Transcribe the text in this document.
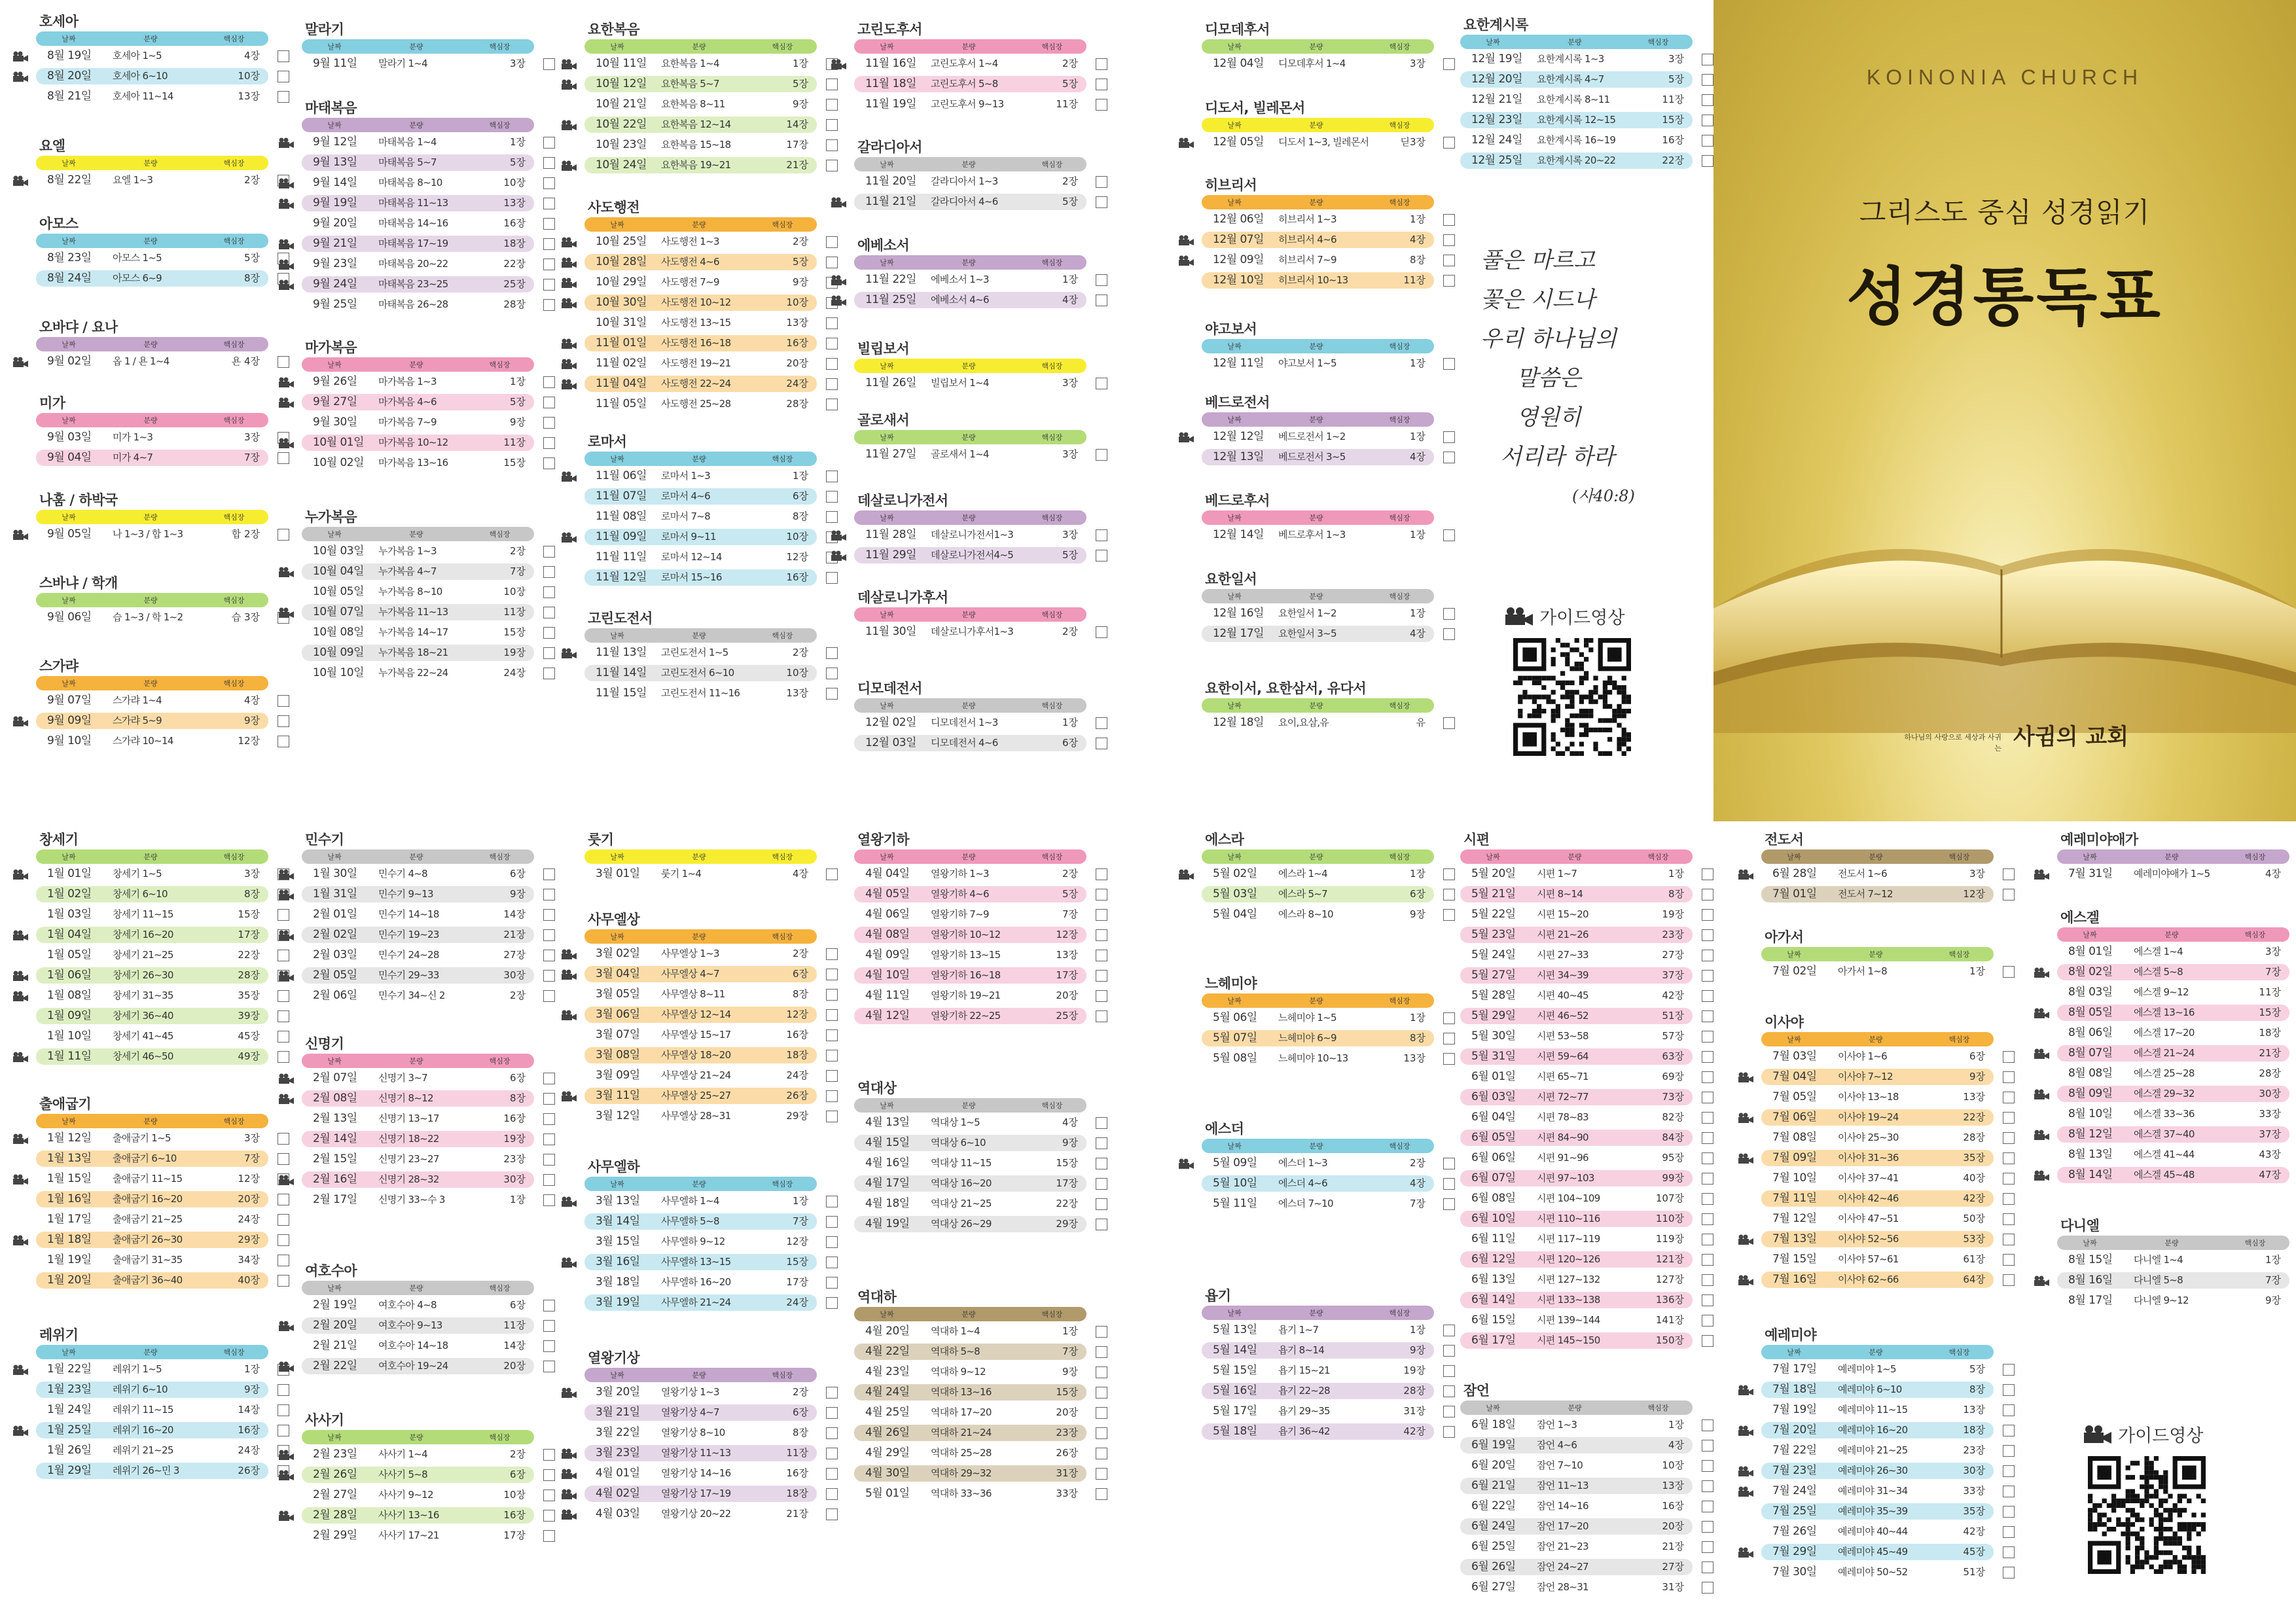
호세아
날짜	분량	핵심장
8월 19일	호세아 1~5	4장
8월 20일	호세아 6~10	10장
8월 21일	호세아 11~14	13장
요엘
날짜	분량	핵심장
8월 22일	요엘 1~3	2장
아모스
날짜	분량	핵심장
8월 23일	아모스 1~5	5장
8월 24일	아모스 6~9	8장
오바댜 / 요나
날짜	분량	핵심장
9월 02일	옵 1 / 욘 1~4	욘 4장
미가
날짜	분량	핵심장
9월 03일	미가 1~3	3장
9월 04일	미가 4~7	7장
나훔 / 하박국
날짜	분량	핵심장
9월 05일	나 1~3 / 합 1~3	합 2장
스바냐 / 학개
날짜	분량	핵심장
9월 06일	습 1~3 / 학 1~2	습 3장
스가랴
날짜	분량	핵심장
9월 07일	스가랴 1~4	4장
9월 09일	스가랴 5~9	9장
9월 10일	스가랴 10~14	12장
말라기
날짜	분량	핵심장
9월 11일	말라기 1~4	3장
마태복음
날짜	분량	핵심장
9월 12일	마태복음 1~4	1장
9월 13일	마태복음 5~7	5장
9월 14일	마태복음 8~10	10장
9월 19일	마태복음 11~13	13장
9월 20일	마태복음 14~16	16장
9월 21일	마태복음 17~19	18장
9월 23일	마태복음 20~22	22장
9월 24일	마태복음 23~25	25장
9월 25일	마태복음 26~28	28장
마가복음
날짜	분량	핵심장
9월 26일	마가복음 1~3	1장
9월 27일	마가복음 4~6	5장
9월 30일	마가복음 7~9	9장
10월 01일	마가복음 10~12	11장
10월 02일	마가복음 13~16	15장
누가복음
날짜	분량	핵심장
10월 03일	누가복음 1~3	2장
10월 04일	누가복음 4~7	7장
10월 05일	누가복음 8~10	10장
10월 07일	누가복음 11~13	11장
10월 08일	누가복음 14~17	15장
10월 09일	누가복음 18~21	19장
10월 10일	누가복음 22~24	24장
요한복음
날짜	분량	핵심장
10월 11일	요한복음 1~4	1장
10월 12일	요한복음 5~7	5장
10월 21일	요한복음 8~11	9장
10월 22일	요한복음 12~14	14장
10월 23일	요한복음 15~18	17장
10월 24일	요한복음 19~21	21장
사도행전
날짜	분량	핵심장
10월 25일	사도행전 1~3	2장
10월 28일	사도행전 4~6	5장
10월 29일	사도행전 7~9	9장
10월 30일	사도행전 10~12	10장
10월 31일	사도행전 13~15	13장
11월 01일	사도행전 16~18	16장
11월 02일	사도행전 19~21	20장
11월 04일	사도행전 22~24	24장
11월 05일	사도행전 25~28	28장
로마서
날짜	분량	핵심장
11월 06일	로마서 1~3	1장
11월 07일	로마서 4~6	6장
11월 08일	로마서 7~8	8장
11월 09일	로마서 9~11	10장
11월 11일	로마서 12~14	12장
11월 12일	로마서 15~16	16장
고린도전서
날짜	분량	핵심장
11월 13일	고린도전서 1~5	2장
11월 14일	고린도전서 6~10	10장
11월 15일	고린도전서 11~16	13장
고린도후서
날짜	분량	핵심장
11월 16일	고린도후서 1~4	2장
11월 18일	고린도후서 5~8	5장
11월 19일	고린도후서 9~13	11장
갈라디아서
날짜	분량	핵심장
11월 20일	갈라디아서 1~3	2장
11월 21일	갈라디아서 4~6	5장
에베소서
날짜	분량	핵심장
11월 22일	에베소서 1~3	1장
11월 25일	에베소서 4~6	4장
빌립보서
날짜	분량	핵심장
11월 26일	빌립보서 1~4	3장
골로새서
날짜	분량	핵심장
11월 27일	골로새서 1~4	3장
데살로니가전서
날짜	분량	핵심장
11월 28일	데살로니가전서1~3	3장
11월 29일	데살로니가전서4~5	5장
데살로니가후서
날짜	분량	핵심장
11월 30일	데살로니가후서1~3	2장
디모데전서
날짜	분량	핵심장
12월 02일	디모데전서 1~3	1장
12월 03일	디모데전서 4~6	6장
디모데후서
날짜	분량	핵심장
12월 04일	디모데후서 1~4	3장
디도서, 빌레몬서
날짜	분량	핵심장
12월 05일	디도서 1~3, 빌레몬서	딛3장
히브리서
날짜	분량	핵심장
12월 06일	히브리서 1~3	1장
12월 07일	히브리서 4~6	4장
12월 09일	히브리서 7~9	8장
12월 10일	히브리서 10~13	11장
야고보서
날짜	분량	핵심장
12월 11일	야고보서 1~5	1장
베드로전서
날짜	분량	핵심장
12월 12일	베드로전서 1~2	1장
12월 13일	베드로전서 3~5	4장
베드로후서
날짜	분량	핵심장
12월 14일	베드로후서 1~3	1장
요한일서
날짜	분량	핵심장
12월 16일	요한일서 1~2	1장
12월 17일	요한일서 3~5	4장
요한이서, 요한삼서, 유다서
날짜	분량	핵심장
12월 18일	요이,요삼,유	유
요한계시록
날짜	분량	핵심장
12월 19일	요한계시록 1~3	3장
12월 20일	요한계시록 4~7	5장
12월 21일	요한계시록 8~11	11장
12월 23일	요한계시록 12~15	15장
12월 24일	요한계시록 16~19	16장
12월 25일	요한계시록 20~22	22장
창세기
날짜	분량	핵심장
1월 01일	창세기 1~5	3장
1월 02일	창세기 6~10	8장
1월 03일	창세기 11~15	15장
1월 04일	창세기 16~20	17장
1월 05일	창세기 21~25	22장
1월 06일	창세기 26~30	28장
1월 08일	창세기 31~35	35장
1월 09일	창세기 36~40	39장
1월 10일	창세기 41~45	45장
1월 11일	창세기 46~50	49장
출애굽기
날짜	분량	핵심장
1월 12일	출애굽기 1~5	3장
1월 13일	출애굽기 6~10	7장
1월 15일	출애굽기 11~15	12장
1월 16일	출애굽기 16~20	20장
1월 17일	출애굽기 21~25	24장
1월 18일	출애굽기 26~30	29장
1월 19일	출애굽기 31~35	34장
1월 20일	출애굽기 36~40	40장
레위기
날짜	분량	핵심장
1월 22일	레위기 1~5	1장
1월 23일	레위기 6~10	9장
1월 24일	레위기 11~15	14장
1월 25일	레위기 16~20	16장
1월 26일	레위기 21~25	24장
1월 29일	레위기 26~민 3	26장
민수기
날짜	분량	핵심장
1월 30일	민수기 4~8	6장
1월 31일	민수기 9~13	9장
2월 01일	민수기 14~18	14장
2월 02일	민수기 19~23	21장
2월 03일	민수기 24~28	27장
2월 05일	민수기 29~33	30장
2월 06일	민수기 34~신 2	2장
신명기
날짜	분량	핵심장
2월 07일	신명기 3~7	6장
2월 08일	신명기 8~12	8장
2월 13일	신명기 13~17	16장
2월 14일	신명기 18~22	19장
2월 15일	신명기 23~27	23장
2월 16일	신명기 28~32	30장
2월 17일	신명기 33~수 3	1장
여호수아
날짜	분량	핵심장
2월 19일	여호수아 4~8	6장
2월 20일	여호수아 9~13	11장
2월 21일	여호수아 14~18	14장
2월 22일	여호수아 19~24	20장
사사기
날짜	분량	핵심장
2월 23일	사사기 1~4	2장
2월 26일	사사기 5~8	6장
2월 27일	사사기 9~12	10장
2월 28일	사사기 13~16	16장
2월 29일	사사기 17~21	17장
룻기
날짜	분량	핵심장
3월 01일	룻기 1~4	4장
사무엘상
날짜	분량	핵심장
3월 02일	사무엘상 1~3	2장
3월 04일	사무엘상 4~7	6장
3월 05일	사무엘상 8~11	8장
3월 06일	사무엘상 12~14	12장
3월 07일	사무엘상 15~17	16장
3월 08일	사무엘상 18~20	18장
3월 09일	사무엘상 21~24	24장
3월 11일	사무엘상 25~27	26장
3월 12일	사무엘상 28~31	29장
사무엘하
날짜	분량	핵심장
3월 13일	사무엘하 1~4	1장
3월 14일	사무엘하 5~8	7장
3월 15일	사무엘하 9~12	12장
3월 16일	사무엘하 13~15	15장
3월 18일	사무엘하 16~20	17장
3월 19일	사무엘하 21~24	24장
열왕기상
날짜	분량	핵심장
3월 20일	열왕기상 1~3	2장
3월 21일	열왕기상 4~7	6장
3월 22일	열왕기상 8~10	8장
3월 23일	열왕기상 11~13	11장
4월 01일	열왕기상 14~16	16장
4월 02일	열왕기상 17~19	18장
4월 03일	열왕기상 20~22	21장
열왕기하
날짜	분량	핵심장
4월 04일	열왕기하 1~3	2장
4월 05일	열왕기하 4~6	5장
4월 06일	열왕기하 7~9	7장
4월 08일	열왕기하 10~12	12장
4월 09일	열왕기하 13~15	13장
4월 10일	열왕기하 16~18	17장
4월 11일	열왕기하 19~21	20장
4월 12일	열왕기하 22~25	25장
역대상
날짜	분량	핵심장
4월 13일	역대상 1~5	4장
4월 15일	역대상 6~10	9장
4월 16일	역대상 11~15	15장
4월 17일	역대상 16~20	17장
4월 18일	역대상 21~25	22장
4월 19일	역대상 26~29	29장
역대하
날짜	분량	핵심장
4월 20일	역대하 1~4	1장
4월 22일	역대하 5~8	7장
4월 23일	역대하 9~12	9장
4월 24일	역대하 13~16	15장
4월 25일	역대하 17~20	20장
4월 26일	역대하 21~24	23장
4월 29일	역대하 25~28	26장
4월 30일	역대하 29~32	31장
5월 01일	역대하 33~36	33장
에스라
날짜	분량	핵심장
5월 02일	에스라 1~4	1장
5월 03일	에스라 5~7	6장
5월 04일	에스라 8~10	9장
느헤미야
날짜	분량	핵심장
5월 06일	느헤미야 1~5	1장
5월 07일	느헤미야 6~9	8장
5월 08일	느헤미야 10~13	13장
에스더
날짜	분량	핵심장
5월 09일	에스더 1~3	2장
5월 10일	에스더 4~6	4장
5월 11일	에스더 7~10	7장
욥기
날짜	분량	핵심장
5월 13일	욥기 1~7	1장
5월 14일	욥기 8~14	9장
5월 15일	욥기 15~21	19장
5월 16일	욥기 22~28	28장
5월 17일	욥기 29~35	31장
5월 18일	욥기 36~42	42장
시편
날짜	분량	핵심장
5월 20일	시편 1~7	1장
5월 21일	시편 8~14	8장
5월 22일	시편 15~20	19장
5월 23일	시편 21~26	23장
5월 24일	시편 27~33	27장
5월 27일	시편 34~39	37장
5월 28일	시편 40~45	42장
5월 29일	시편 46~52	51장
5월 30일	시편 53~58	57장
5월 31일	시편 59~64	63장
6월 01일	시편 65~71	69장
6월 03일	시편 72~77	73장
6월 04일	시편 78~83	82장
6월 05일	시편 84~90	84장
6월 06일	시편 91~96	95장
6월 07일	시편 97~103	99장
6월 08일	시편 104~109	107장
6월 10일	시편 110~116	110장
6월 11일	시편 117~119	119장
6월 12일	시편 120~126	121장
6월 13일	시편 127~132	127장
6월 14일	시편 133~138	136장
6월 15일	시편 139~144	141장
6월 17일	시편 145~150	150장
잠언
날짜	분량	핵심장
6월 18일	잠언 1~3	1장
6월 19일	잠언 4~6	4장
6월 20일	잠언 7~10	10장
6월 21일	잠언 11~13	13장
6월 22일	잠언 14~16	16장
6월 24일	잠언 17~20	20장
6월 25일	잠언 21~23	21장
6월 26일	잠언 24~27	27장
6월 27일	잠언 28~31	31장
전도서
날짜	분량	핵심장
6월 28일	전도서 1~6	3장
7월 01일	전도서 7~12	12장
아가서
날짜	분량	핵심장
7월 02일	아가서 1~8	1장
이사야
날짜	분량	핵심장
7월 03일	이사야 1~6	6장
7월 04일	이사야 7~12	9장
7월 05일	이사야 13~18	13장
7월 06일	이사야 19~24	22장
7월 08일	이사야 25~30	28장
7월 09일	이사야 31~36	35장
7월 10일	이사야 37~41	40장
7월 11일	이사야 42~46	42장
7월 12일	이사야 47~51	50장
7월 13일	이사야 52~56	53장
7월 15일	이사야 57~61	61장
7월 16일	이사야 62~66	64장
예레미야
날짜	분량	핵심장
7월 17일	예레미야 1~5	5장
7월 18일	예레미야 6~10	8장
7월 19일	예레미야 11~15	13장
7월 20일	예레미야 16~20	18장
7월 22일	예레미야 21~25	23장
7월 23일	예레미야 26~30	30장
7월 24일	예레미야 31~34	33장
7월 25일	예레미야 35~39	35장
7월 26일	예레미야 40~44	42장
7월 29일	예레미야 45~49	45장
7월 30일	예레미야 50~52	51장
예레미야애가
날짜	분량	핵심장
7월 31일	예레미야애가 1~5	4장
에스겔
날짜	분량	핵심장
8월 01일	에스겔 1~4	3장
8월 02일	에스겔 5~8	7장
8월 03일	에스겔 9~12	11장
8월 05일	에스겔 13~16	15장
8월 06일	에스겔 17~20	18장
8월 07일	에스겔 21~24	21장
8월 08일	에스겔 25~28	28장
8월 09일	에스겔 29~32	30장
8월 10일	에스겔 33~36	33장
8월 12일	에스겔 37~40	37장
8월 13일	에스겔 41~44	43장
8월 14일	에스겔 45~48	47장
다니엘
날짜	분량	핵심장
8월 15일	다니엘 1~4	1장
8월 16일	다니엘 5~8	7장
8월 17일	다니엘 9~12	9장
KOINONIA CHURCH
그리스도 중심 성경읽기
성경통독표
하나님의 사랑으로 세상과 사귀는 사귐의 교회
풀은 마르고
꽃은 시드나
우리 하나님의
말씀은
영원히
서리라 하라
(사40:8)
가이드영상
가이드영상
